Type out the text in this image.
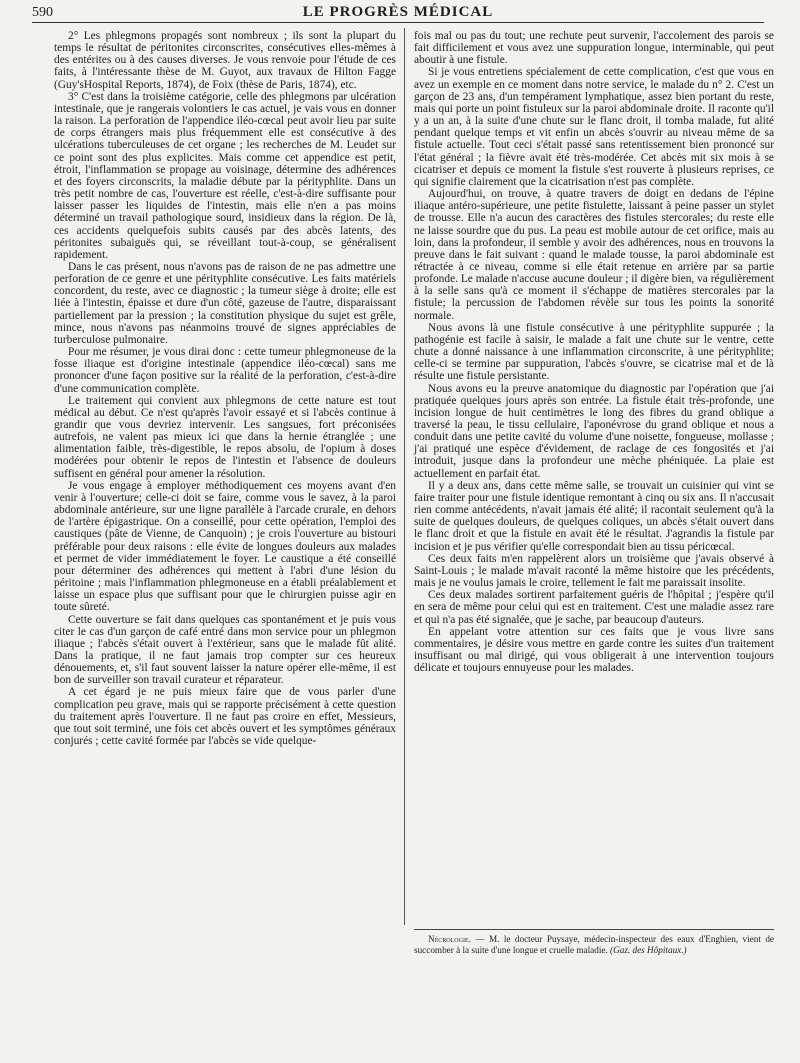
590	LE PROGRÈS MÉDICAL

2° Les phlegmons propagés sont nombreux ; ils sont la plupart du temps le résultat de péritonites circonscrites, consécutives elles-mêmes à des entérites ou à des causes diverses. Je vous renvoie pour l'étude de ces faits, à l'intéressante thèse de M. Guyot, aux travaux de Hilton Fagge (Guy'sHospital Reports, 1874), de Foix (thèse de Paris, 1874), etc.

3° C'est dans la troisième catégorie, celle des phlegmons par ulcération intestinale, que je rangerais volontiers le cas actuel, je vais vous en donner la raison. La perforation de l'appendice iléo-cœcal peut avoir lieu par suite de corps étrangers mais plus fréquemment elle est consécutive à des ulcérations tuberculeuses de cet organe ; les recherches de M. Leudet sur ce point sont des plus explicites. Mais comme cet appendice est petit, étroit, l'inflammation se propage au voisinage, détermine des adhérences et des foyers circonscrits, la maladie débute par la pérityphlite. Dans un très petit nombre de cas, l'ouverture est réelle, c'est-à-dire suffisante pour laisser passer les liquides de l'intestin, mais elle n'en a pas moins déterminé un travail pathologique sourd, insidieux dans la région. De là, ces accidents quelquefois subits causés par des abcès latents, des péritonites subaiguës qui, se réveillant tout-à-coup, se généralisent rapidement.

Dans le cas présent, nous n'avons pas de raison de ne pas admettre une perforation de ce genre et une pérityphlite consécutive. Les faits matériels concordent, du reste, avec ce diagnostic ; la tumeur siège à droite; elle est liée à l'intestin, épaisse et dure d'un côté, gazeuse de l'autre, disparaissant partiellement par la pression ; la constitution physique du sujet est grêle, mince, nous n'avons pas néanmoins trouvé de signes appréciables de turberculose pulmonaire.

Pour me résumer, je vous dirai donc : cette tumeur phlegmoneuse de la fosse iliaque est d'origine intestinale (appendice iléo-cœcal) sans me prononcer d'une façon positive sur la réalité de la perforation, c'est-à-dire d'une communication complète.

Le traitement qui convient aux phlegmons de cette nature est tout médical au début. Ce n'est qu'après l'avoir essayé et si l'abcès continue à grandir que vous devriez intervenir. Les sangsues, fort préconisées autrefois, ne valent pas mieux ici que dans la hernie étranglée ; une alimentation faible, très-digestible, le repos absolu, de l'opium à doses modérées pour obtenir le repos de l'intestin et l'absence de douleurs suffisent en général pour amener la résolution.

Je vous engage à employer méthodiquement ces moyens avant d'en venir à l'ouverture; celle-ci doit se faire, comme vous le savez, à la paroi abdominale antérieure, sur une ligne parallèle à l'arcade crurale, en dehors de l'artère épigastrique. On a conseillé, pour cette opération, l'emploi des caustiques (pâte de Vienne, de Canquoin) ; je crois l'ouverture au bistouri préférable pour deux raisons : elle évite de longues douleurs aux malades et permet de vider immédiatement le foyer. Le caustique a été conseillé pour déterminer des adhérences qui mettent à l'abri d'une lésion du péritoine ; mais l'inflammation phlegmoneuse en a établi préalablement et laisse un espace plus que suffisant pour que le chirurgien puisse agir en toute sûreté.

Cette ouverture se fait dans quelques cas spontanément et je puis vous citer le cas d'un garçon de café entré dans mon service pour un phlegmon iliaque ; l'abcès s'était ouvert à l'extérieur, sans que le malade fût alité. Dans la pratique, il ne faut jamais trop compter sur ces heureux dénouements, et, s'il faut souvent laisser la nature opérer elle-même, il est bon de surveiller son travail curateur et réparateur.

A cet égard je ne puis mieux faire que de vous parler d'une complication peu grave, mais qui se rapporte précisément à cette question du traitement après l'ouverture. Il ne faut pas croire en effet, Messieurs, que tout soit terminé, une fois cet abcès ouvert et les symptômes généraux conjurés ; cette cavité formée par l'abcès se vide quelque-

fois mal ou pas du tout; une rechute peut survenir, l'accolement des parois se fait difficilement et vous avez une suppuration longue, interminable, qui peut aboutir à une fistule.

Si je vous entretiens spécialement de cette complication, c'est que vous en avez un exemple en ce moment dans notre service, le malade du n° 2. C'est un garçon de 23 ans, d'un tempérament lymphatique, assez bien portant du reste, mais qui porte un point fistuleux sur la paroi abdominale droite. Il raconte qu'il y a un an, à la suite d'une chute sur le flanc droit, il tomba malade, fut alité pendant quelque temps et vit enfin un abcès s'ouvrir au niveau même de sa fistule actuelle. Tout ceci s'était passé sans retentissement bien prononcé sur l'état général ; la fièvre avait été très-modérée. Cet abcès mit six mois à se cicatriser et depuis ce moment la fistule s'est rouverte à plusieurs reprises, ce qui signifie clairement que la cicatrisation n'est pas complète.

Aujourd'hui, on trouve, à quatre travers de doigt en dedans de l'épine iliaque antéro-supérieure, une petite fistulette, laissant à peine passer un stylet de trousse. Elle n'a aucun des caractères des fistules stercorales; du reste elle ne laisse sourdre que du pus. La peau est mobile autour de cet orifice, mais au loin, dans la profondeur, il semble y avoir des adhérences, nous en trouvons la preuve dans le fait suivant : quand le malade tousse, la paroi abdominale est rétractée à ce niveau, comme si elle était retenue en arrière par sa partie profonde. Le malade n'accuse aucune douleur ; il digère bien, va régulièrement à la selle sans qu'à ce moment il s'échappe de matières stercorales par la fistule; la percussion de l'abdomen révèle sur tous les points la sonorité normale.

Nous avons là une fistule consécutive à une pérityphlite suppurée ; la pathogénie est facile à saisir, le malade a fait une chute sur le ventre, cette chute a donné naissance à une inflammation circonscrite, à une pérityphlite; celle-ci se termine par suppuration, l'abcès s'ouvre, se cicatrise mal et de là résulte une fistule persistante.

Nous avons eu la preuve anatomique du diagnostic par l'opération que j'ai pratiquée quelques jours après son entrée. La fistule était très-profonde, une incision longue de huit centimètres le long des fibres du grand oblique a traversé la peau, le tissu cellulaire, l'aponévrose du grand oblique et nous a conduit dans une petite cavité du volume d'une noisette, fongueuse, mollasse ; j'ai pratiqué une espèce d'évidement, de raclage de ces fongosités et j'ai introduit, jusque dans la profondeur une mèche phéniquée. La plaie est actuellement en parfait état.

Il y a deux ans, dans cette même salle, se trouvait un cuisinier qui vint se faire traiter pour une fistule identique remontant à cinq ou six ans. Il n'accusait rien comme antécédents, n'avait jamais été alité; il racontait seulement qu'à la suite de quelques douleurs, de quelques coliques, un abcès s'était ouvert dans le flanc droit et que la fistule en avait été le résultat. J'agrandis la fistule par incision et je pus vérifier qu'elle correspondait bien au tissu péricœcal.

Ces deux faits m'en rappelèrent alors un troisième que j'avais observé à Saint-Louis ; le malade m'avait raconté la même histoire que les précédents, mais je ne voulus jamais le croire, tellement le fait me paraissait insolite.

Ces deux malades sortirent parfaitement guéris de l'hôpital ; j'espère qu'il en sera de même pour celui qui est en traitement. C'est une maladie assez rare et qui n'a pas été signalée, que je sache, par beaucoup d'auteurs.

En appelant votre attention sur ces faits que je vous livre sans commentaires, je désire vous mettre en garde contre les suites d'un traitement insuffisant ou mal dirigé, qui vous obligerait à une intervention toujours délicate et toujours ennuyeuse pour les malades.

Nécrologie. — M. le docteur Puysaye, médecin-inspecteur des eaux d'Enghien, vient de succomber à la suite d'une longue et cruelle maladie. (Gaz. des Hôpitaux.)
